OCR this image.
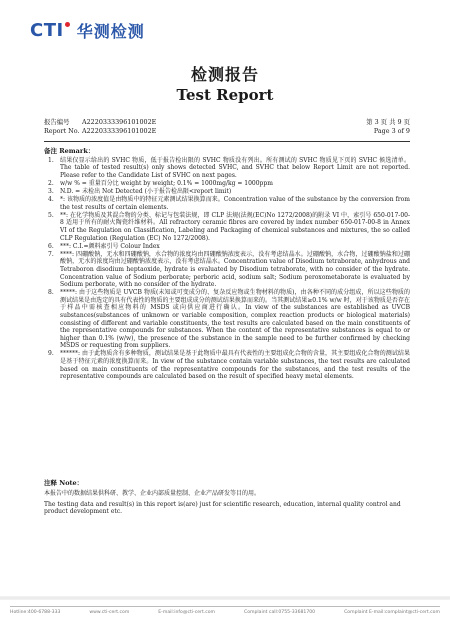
CTI 华测检测
检测报告
Test Report
报告编号	A2220333396101002E	第 3 页 共 9 页
Report No. A2220333396101002E	Page 3 of 9
备注 Remark：
1.	结果仅显示给出的 SVHC 物质，低于报告检出限的 SVHC 物质没有列出。所有测试的 SVHC 物质见下页的 SVHC 候选清单。The table of tested result(s) only shows detected SVHC, and SVHC that below Report Limit are not reported. Please refer to the Candidate List of SVHC on next pages.
2.	w/w % = 重量百分比 weight by weight; 0.1% = 1000mg/kg = 1000ppm
3.	N.D. = 未检出 Not Detected (小于报告检出限<report limit)
4.	*: 该物质的浓度值是由物质中的特征元素测试结果换算而来。Concentration value of the substance by the conversion from the test results of certain elements.
5.	**: 在化学物质及其混合物的分类、标记与包装法规，即 CLP 法规(法规(EC)No 1272/2008)的附录 VI 中，索引号 650-017-00-8 适用于所有的耐火陶瓷纤维材料。All refractory ceramic fibres are covered by index number 650-017-00-8 in Annex VI of the Regulation on Classification, Labeling and Packaging of chemical substances and mixtures, the so called CLP Regulation (Regulation (EC) No 1272/2008).
6.	***: C.I.=颜料索引号 Colour Index
7.	****: 四硼酸钠，无水和四硼酸钠，水合物的浓度均由四硼酸钠浓度表示，没有考虑结晶水。过硼酸钠，水合物，过硼酸钠盐和过硼酸钠，无水的浓度均由过硼酸钠浓度表示，没有考虑结晶水。Concentration value of Disodium tetraborate, anhydrous and Tetraboron disodium heptaoxide, hydrate is evaluated by Disodium tetraborate, with no consider of the hydrate. Concentration value of Sodium perborate; perboric acid, sodium salt; Sodium peroxometaborate is evaluated by Sodium perborate, with no consider of the hydrate.
8.	*****: 由于这些物质是 UVCB 物质(未知或可变成分的、复杂反应物或生物材料的物质)，由各种不同的成分组成，所以这些物质的测试结果是由选定的具有代表性的物质的主要组成成分的测试结果换算而来的。当其测试结果≥0.1% w/w 时，对于该物质是否存在于样品中需核查相应物料的 MSDS 或向供应商进行确认。In view of the substances are established as UVCB substances(substances of unknown or variable composition, complex reaction products or biological materials) consisting of different and variable constituents, the test results are calculated based on the main constituents of the representative compounds for substances. When the content of the representative substances is equal to or higher than 0.1% (w/w), the presence of the substance in the sample need to be further confirmed by checking MSDS or requesting from suppliers.
9.	******: 由于此物质含有多种物质，测试结果是基于此物质中最具有代表性的主要组成化合物的含量，其主要组成化合物的测试结果是基于特征元素的浓度换算而来。In view of the substance contain variable substances, the test results are calculated based on main constituents of the representative compounds for the substances, and the test results of the representative compounds are calculated based on the result of specified heavy metal elements.
注释 Note：

本报告中的数据结果供科研、教学、企业内部质量控制、企业产品研发等目的用。

The testing data and result(s) in this report is(are) just for scientific research, education, internal quality control and product development etc.

Hotline:400-6788-333	www.cti-cert.com	E-mail:info@cti-cert.com	Complaint call:0755-33681700	Complaint E-mail:complaint@cti-cert.com
